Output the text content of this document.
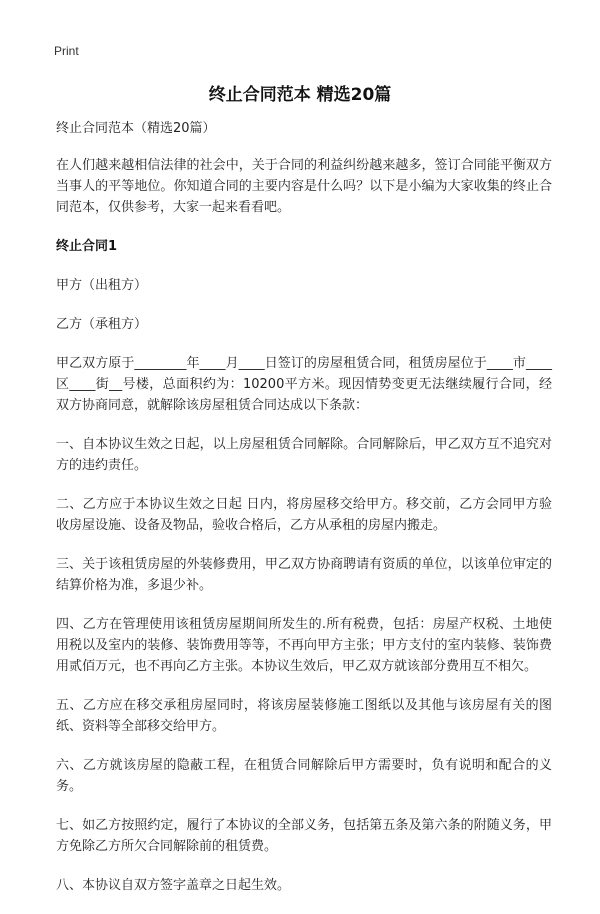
Print
终止合同范本 精选20篇

终止合同范本（精选20篇）

在人们越来越相信法律的社会中，关于合同的利益纠纷越来越多，签订合同能平衡双方当事人的平等地位。你知道合同的主要内容是什么吗？以下是小编为大家收集的终止合同范本，仅供参考，大家一起来看看吧。

终止合同1

甲方（出租方）

乙方（承租方）

甲乙双方原于________年____月____日签订的房屋租赁合同，租赁房屋位于____市____区____街__号楼，总面积约为：10200平方米。现因情势变更无法继续履行合同，经双方协商同意，就解除该房屋租赁合同达成以下条款：

一、自本协议生效之日起，以上房屋租赁合同解除。合同解除后，甲乙双方互不追究对方的违约责任。

二、乙方应于本协议生效之日起 日内，将房屋移交给甲方。移交前，乙方会同甲方验收房屋设施、设备及物品，验收合格后，乙方从承租的房屋内搬走。

三、关于该租赁房屋的外装修费用，甲乙双方协商聘请有资质的单位，以该单位审定的结算价格为准，多退少补。

四、乙方在管理使用该租赁房屋期间所发生的.所有税费，包括：房屋产权税、土地使用税以及室内的装修、装饰费用等等，不再向甲方主张；甲方支付的室内装修、装饰费用贰佰万元，也不再向乙方主张。本协议生效后，甲乙双方就该部分费用互不相欠。

五、乙方应在移交承租房屋同时，将该房屋装修施工图纸以及其他与该房屋有关的图纸、资料等全部移交给甲方。

六、乙方就该房屋的隐蔽工程，在租赁合同解除后甲方需要时，负有说明和配合的义务。

七、如乙方按照约定，履行了本协议的全部义务，包括第五条及第六条的附随义务，甲方免除乙方所欠合同解除前的租赁费。

八、本协议自双方签字盖章之日起生效。
